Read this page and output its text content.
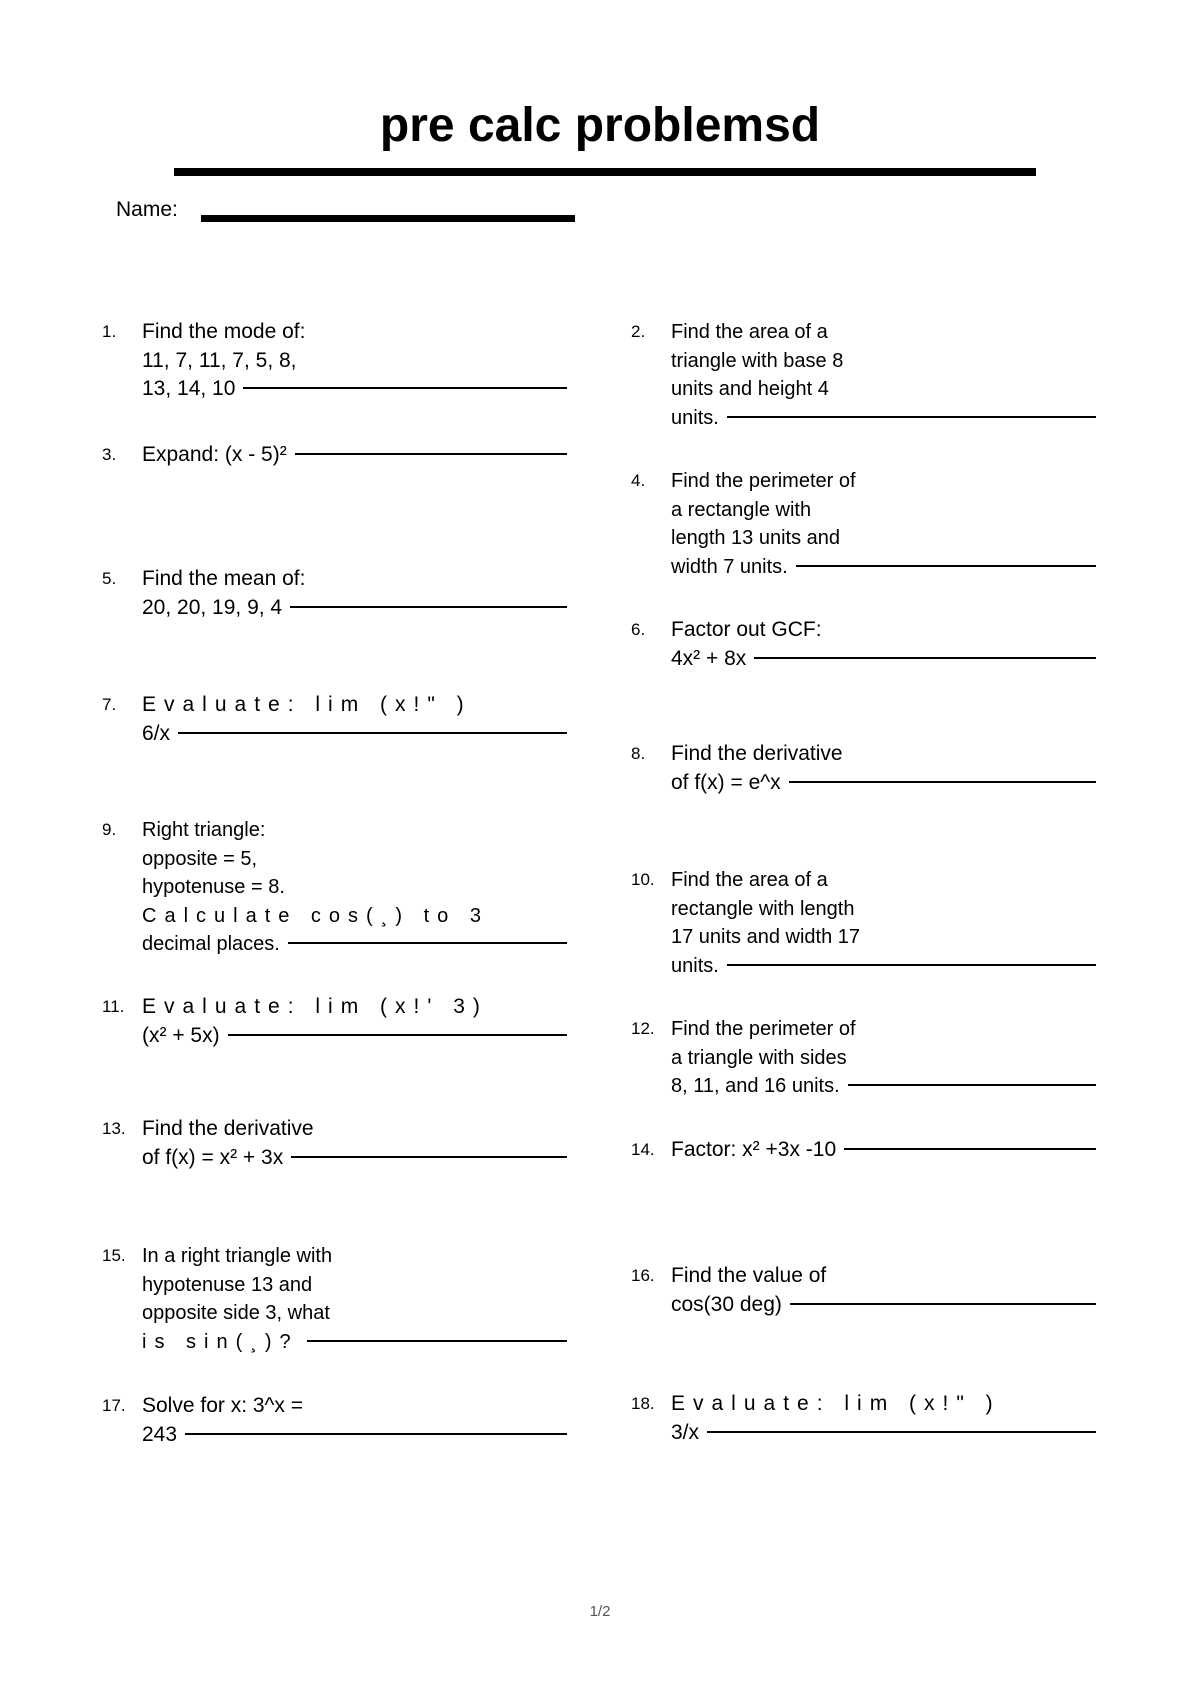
pre calc problemsd
Name:
1.	Find the mode of:
11, 7, 11, 7, 5, 8,
13, 14, 10
3.	Expand: (x - 5)²
5.	Find the mean of:
20, 20, 19, 9, 4
7.	Evaluate: lim (x!" )
6/x
9.	Right triangle:
opposite = 5,
hypotenuse = 8.
Calculate cos(¸) to 3
decimal places.
11. Evaluate: lim (x!' 3)
(x² + 5x)
13. Find the derivative
of f(x) = x² + 3x
15. In a right triangle with
hypotenuse 13 and
opposite side 3, what
is sin(¸)?
17. Solve for x: 3^x =
243
2.	Find the area of a
triangle with base 8
units and height 4
units.
4.	Find the perimeter of
a rectangle with
length 13 units and
width 7 units.
6.	Factor out GCF:
4x² + 8x
8.	Find the derivative
of f(x) = e^x
10. Find the area of a
rectangle with length
17 units and width 17
units.
12. Find the perimeter of
a triangle with sides
8, 11, and 16 units.
14. Factor: x² +3x -10
16. Find the value of
cos(30 deg)
18. Evaluate: lim (x!" )
3/x
1/2
